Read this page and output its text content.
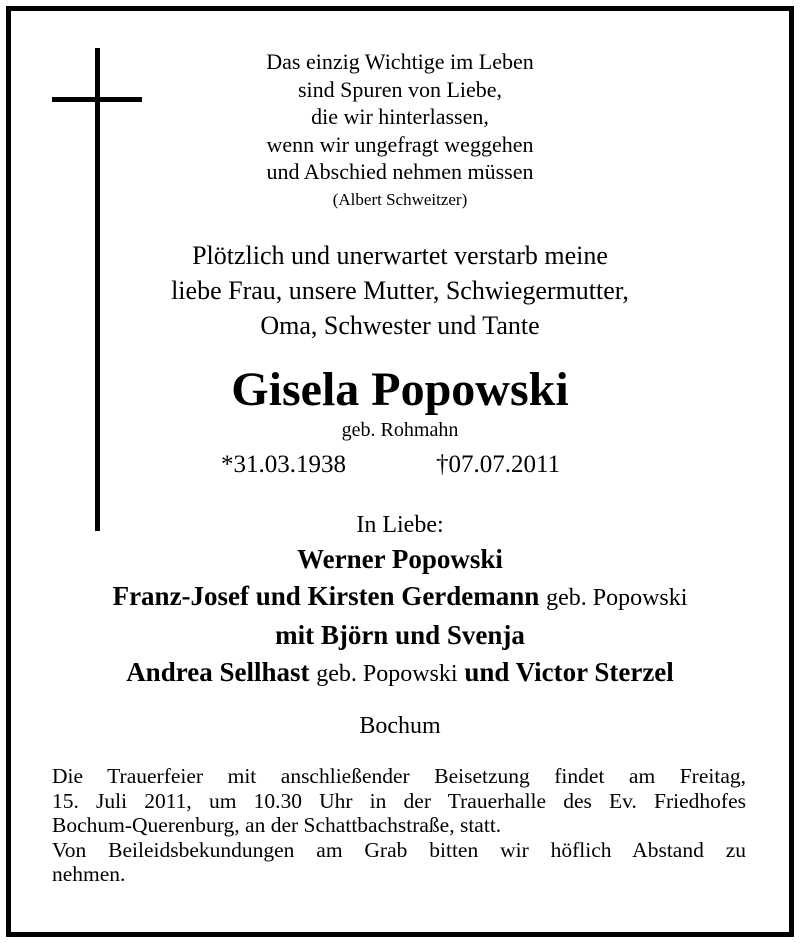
Das einzig Wichtige im Leben
sind Spuren von Liebe,
die wir hinterlassen,
wenn wir ungefragt weggehen
und Abschied nehmen müssen
(Albert Schweitzer)
Plötzlich und unerwartet verstarb meine
liebe Frau, unsere Mutter, Schwiegermutter,
Oma, Schwester und Tante
Gisela Popowski
geb. Rohmahn
*31.03.1938	†07.07.2011
In Liebe:
Werner Popowski
Franz-Josef und Kirsten Gerdemann geb. Popowski
mit Björn und Svenja
Andrea Sellhast geb. Popowski und Victor Sterzel
Bochum
Die Trauerfeier mit anschließender Beisetzung findet am Freitag,
15. Juli 2011, um 10.30 Uhr in der Trauerhalle des Ev. Friedhofes
Bochum-Querenburg, an der Schattbachstraße, statt.
Von Beileidsbekundungen am Grab bitten wir höflich Abstand zu
nehmen.
